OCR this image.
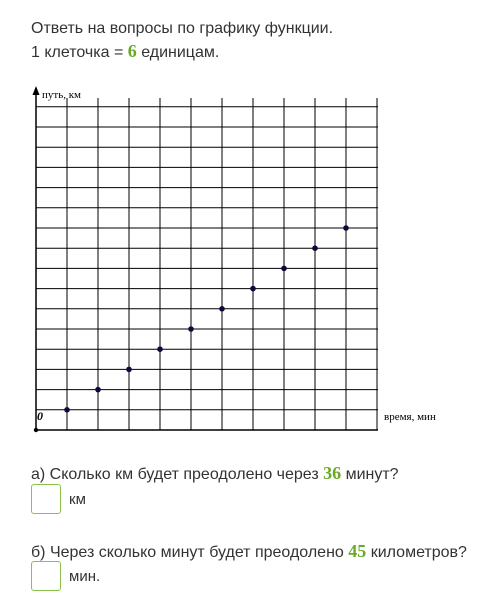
Ответь на вопросы по графику функции.
1 клеточка = 6 единицам.
путь, км
время, мин
0
а) Сколько км будет преодолено через 36 минут?
км
б) Через сколько минут будет преодолено 45 километров?
мин.
